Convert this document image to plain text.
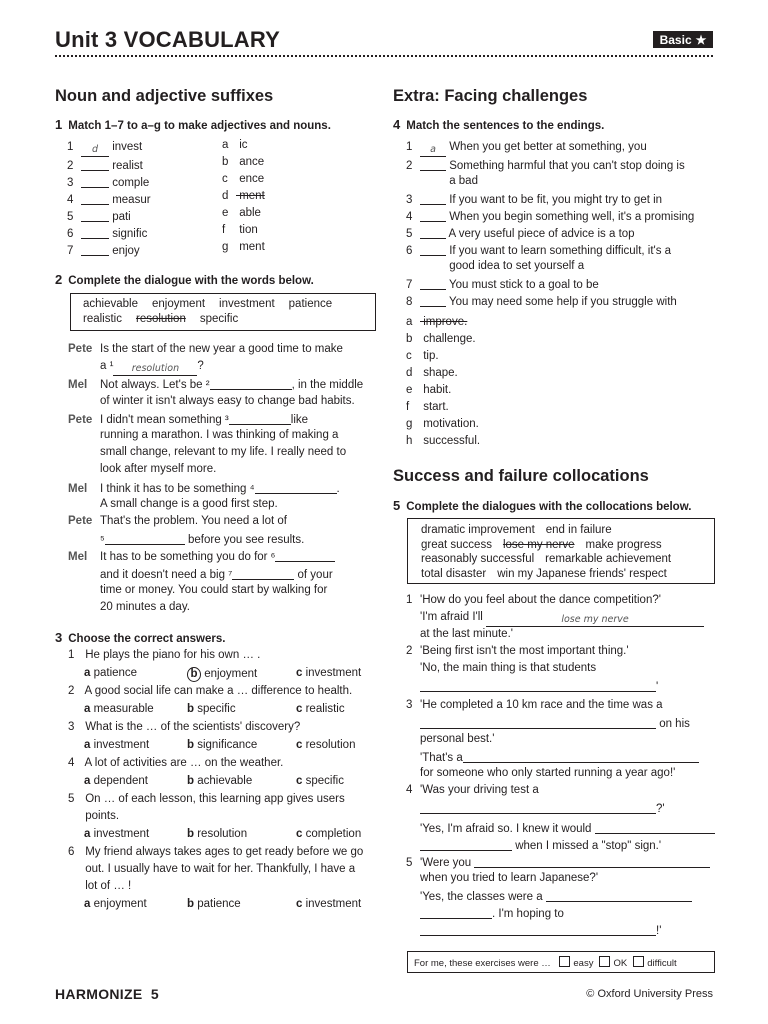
Unit 3 VOCABULARY	Basic ★
Noun and adjective suffixes
1 Match 1–7 to a–g to make adjectives and nouns.
1 d invest
2	realist
3	comple
4	measur
5	pati
6	signific
7	enjoy
a ic
b ance
c ence
d ment
e able
f tion
g ment
2 Complete the dialogue with the words below.
achievable enjoyment investment patience
realistic resolution specific
Pete Is the start of the new year a good time to make
a ¹ resolution ?
Mel Not always. Let's be ²	, in the middle
of winter it isn't always easy to change bad habits.
Pete I didn't mean something ³	like
running a marathon. I was thinking of making a
small change, relevant to my life. I really need to
look after myself more.
Mel I think it has to be something ⁴	.
A small change is a good first step.
Pete That's the problem. You need a lot of
⁵	before you see results.
Mel It has to be something you do for ⁶
and it doesn't need a big ⁷	of your
time or money. You could start by walking for
20 minutes a day.
3 Choose the correct answers.
1 He plays the piano for his own … .
a patience	b enjoyment	c investment
2 A good social life can make a … difference to health.
a measurable	b specific	c realistic
3 What is the … of the scientists' discovery?
a investment	b significance	c resolution
4 A lot of activities are … on the weather.
a dependent	b achievable	c specific
5 On … of each lesson, this learning app gives users
points.
a investment	b resolution	c completion
6 My friend always takes ages to get ready before we go
out. I usually have to wait for her. Thankfully, I have a
lot of … !
a enjoyment	b patience	c investment
Extra: Facing challenges
4 Match the sentences to the endings.
1 a When you get better at something, you
2	Something harmful that you can't stop doing is
a bad
3	If you want to be fit, you might try to get in
4	When you begin something well, it's a promising
5	A very useful piece of advice is a top
6	If you want to learn something difficult, it's a
good idea to set yourself a
7	You must stick to a goal to be
8	You may need some help if you struggle with
a improve.
b challenge.
c tip.
d shape.
e habit.
f start.
g motivation.
h successful.
Success and failure collocations
5 Complete the dialogues with the collocations below.
dramatic improvement end in failure
great success lose my nerve make progress
reasonably successful remarkable achievement
total disaster win my Japanese friends' respect
1 'How do you feel about the dance competition?'
'I'm afraid I'll	lose my nerve
at the last minute.'
2 'Being first isn't the most important thing.'
'No, the main thing is that students
'
3 'He completed a 10 km race and the time was a
on his
personal best.'
'That's a
for someone who only started running a year ago!'
4 'Was your driving test a
?'
'Yes, I'm afraid so. I knew it would
when I missed a "stop" sign.'
5 'Were you
when you tried to learn Japanese?'
'Yes, the classes were a
. I'm hoping to
!'
For me, these exercises were … easy OK difficult
HARMONIZE 5	© Oxford University Press
